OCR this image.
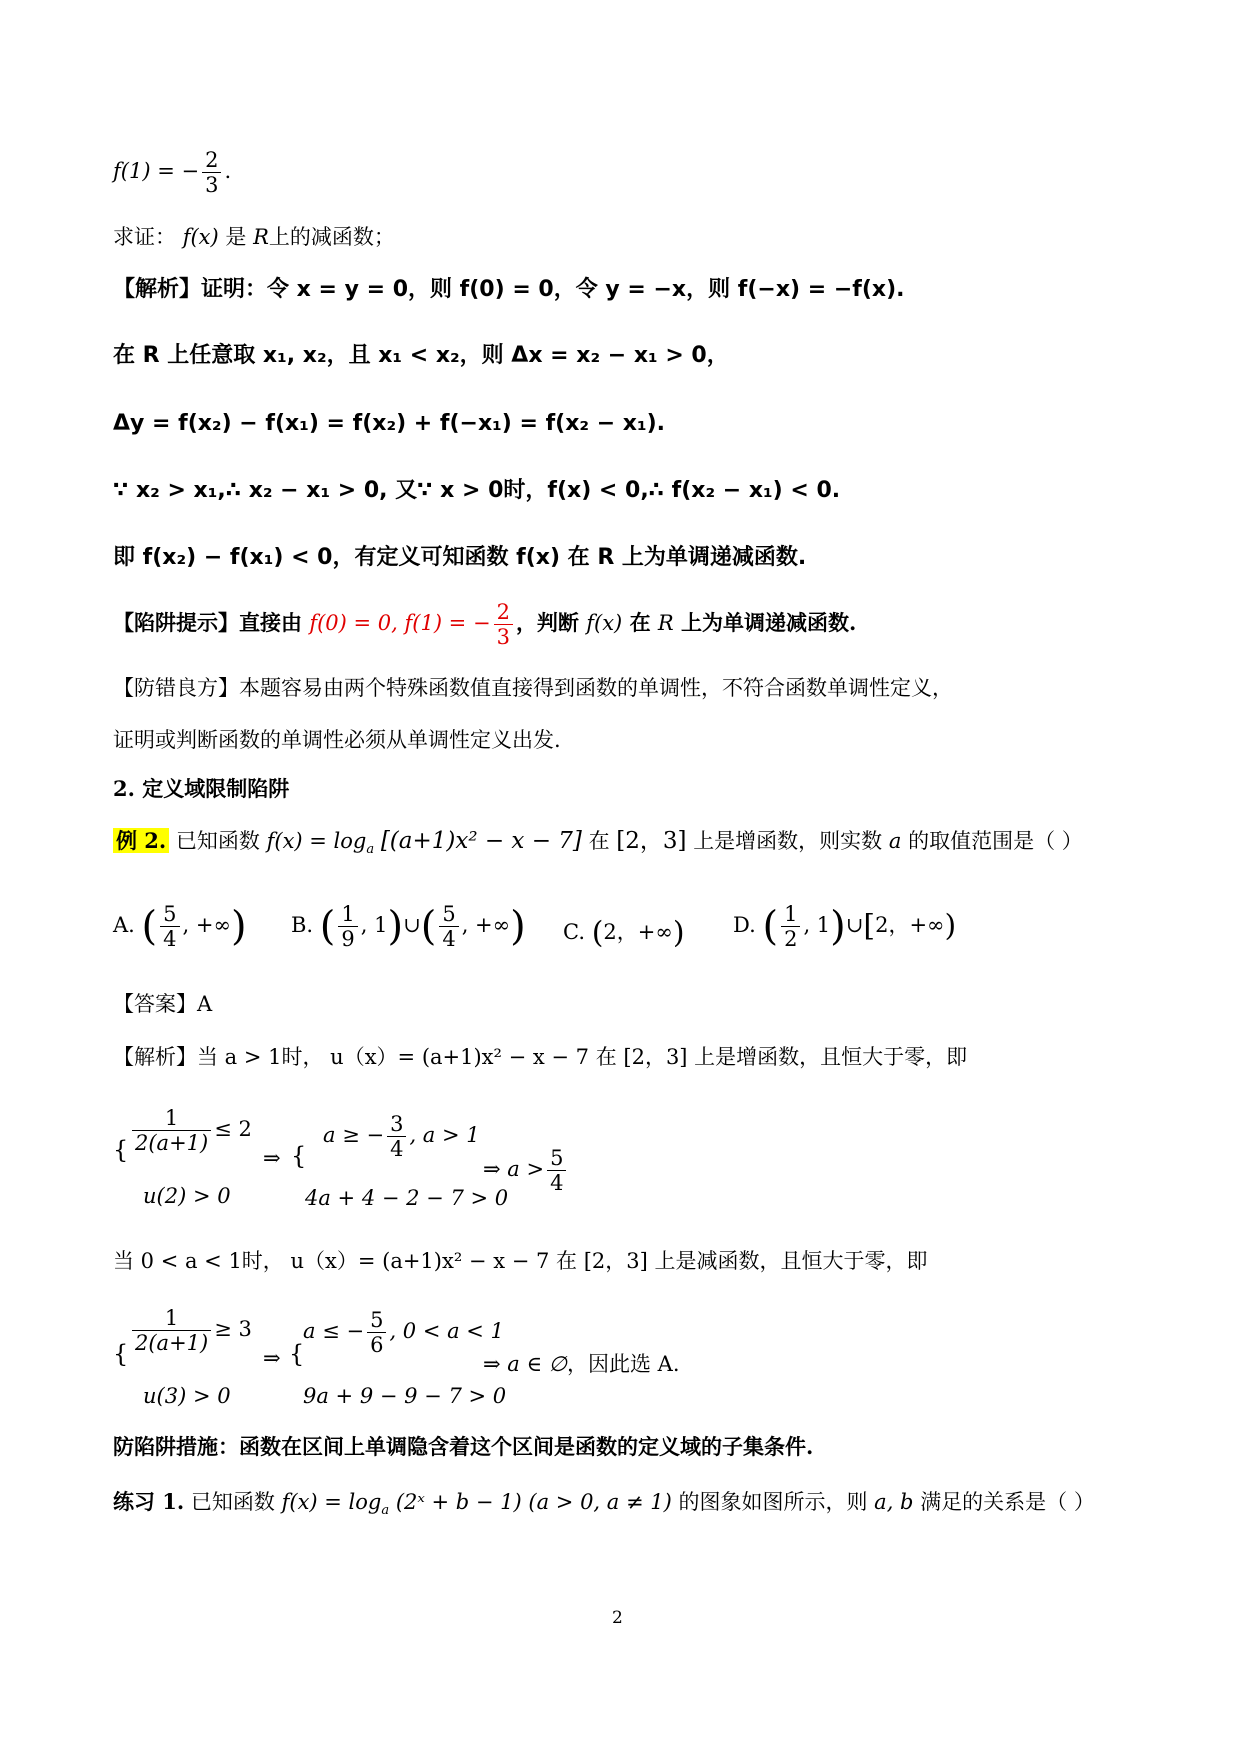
f(1) = − $\frac{2}{3}$ .
求证： f(x) 是 R上的减函数；
【解析】证明：令 x = y = 0，则 f(0) = 0，令 y = −x，则 f(−x) = −f(x).
在 R 上任意取 x₁, x₂，且 x₁ < x₂，则 Δx = x₂ − x₁ > 0，
Δy = f(x₂) − f(x₁) = f(x₂) + f(−x₁) = f(x₂ − x₁).
∵ x₂ > x₁,∴ x₂ − x₁ > 0, 又∵ x > 0时，f(x) < 0,∴ f(x₂ − x₁) < 0.
即 f(x₂) − f(x₁) < 0，有定义可知函数 f(x) 在 R 上为单调递减函数.
【陷阱提示】直接由 f(0) = 0, f(1) = − $\frac{2}{3}$ ，判断 f(x) 在 R 上为单调递减函数.
【防错良方】本题容易由两个特殊函数值直接得到函数的单调性，不符合函数单调性定义，
证明或判断函数的单调性必须从单调性定义出发.
2. 定义域限制陷阱
例 2. 已知函数 $f(x) = \log_a [(a+1)x^2 - x - 7]$ 在 [2，3] 上是增函数，则实数 a 的取值范围是（ ）
A. ( $\frac{5}{4}$ , +∞) B. ( $\frac{1}{9}$ , 1)∪( $\frac{5}{4}$ , +∞) C. (2，+∞) D. ( $\frac{1}{2}$ , 1)∪[2，+∞)
【答案】A
【解析】当 a > 1时， u（x）= (a+1)x² − x − 7 在 [2，3] 上是增函数，且恒大于零，即
{ $\frac{1}{2(a+1)} \le 2$
u(2) > 0
⇒ {
a ≥ − $\frac{3}{4}$ , a > 1
4a + 4 − 2 − 7 > 0
⇒ $a > \frac{5}{4}$
当 0 < a < 1时， u（x）= (a+1)x² − x − 7 在 [2，3] 上是减函数，且恒大于零，即
{ $\frac{1}{2(a+1)} \ge 3$
u(3) > 0
⇒ {
a ≤ − $\frac{5}{6}$ , 0 < a < 1
9a + 9 − 9 − 7 > 0
⇒ a ∈ ∅，因此选 A.
防陷阱措施：函数在区间上单调隐含着这个区间是函数的定义域的子集条件.
练习 1. 已知函数 $f(x) = \log_a$ (2ˣ + b − 1) (a > 0, a ≠ 1) 的图象如图所示，则 a, b 满足的关系是（ ）
2
